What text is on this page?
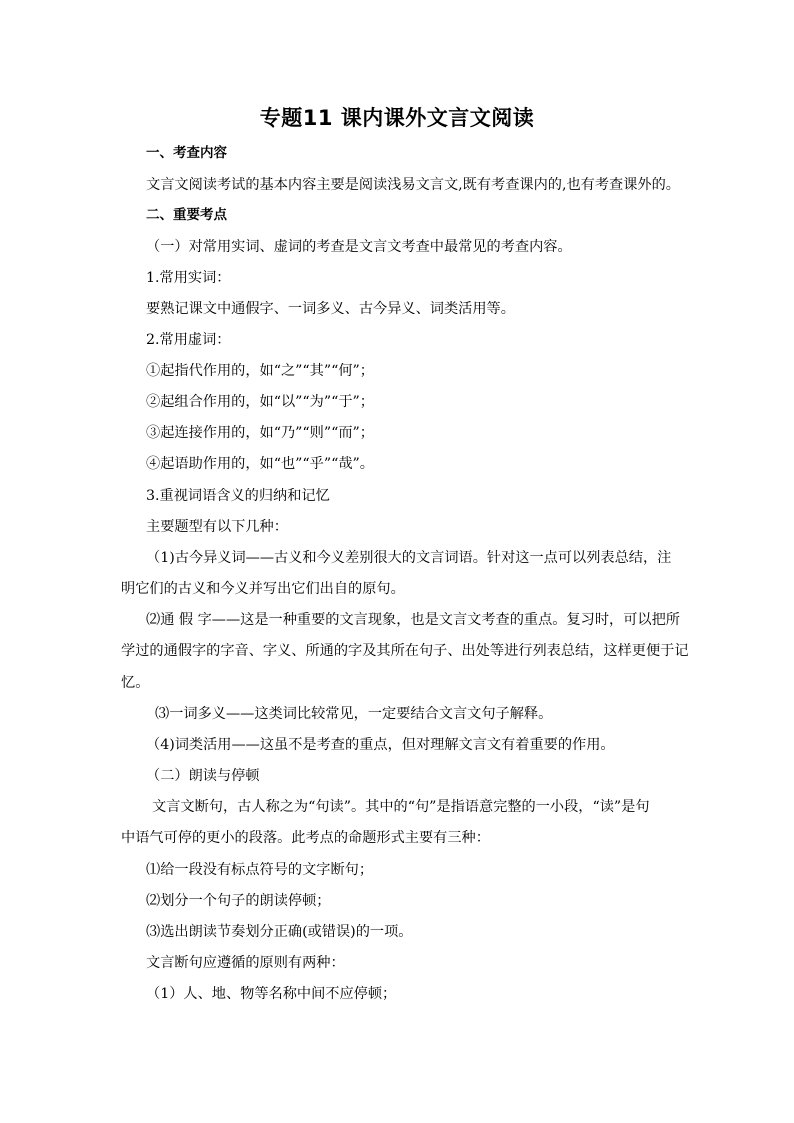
专题11 课内课外文言文阅读
一、考查内容
文言文阅读考试的基本内容主要是阅读浅易文言文,既有考查课内的,也有考查课外的。
二、重要考点
（一）对常用实词、虚词的考查是文言文考查中最常见的考查内容。
1.常用实词：
要熟记课文中通假字、一词多义、古今异义、词类活用等。
2.常用虚词：
①起指代作用的，如“之”“其”“何”；
②起组合作用的，如“以”“为”“于”；
③起连接作用的，如“乃”“则”“而”；
④起语助作用的，如“也”“乎”“哉”。
3.重视词语含义的归纳和记忆
主要题型有以下几种：
（1)古今异义词——古义和今义差别很大的文言词语。针对这一点可以列表总结，注
明它们的古义和今义并写出它们出自的原句。
⑵通 假 字——这是一种重要的文言现象，也是文言文考查的重点。复习时，可以把所
学过的通假字的字音、字义、所通的字及其所在句子、出处等进行列表总结，这样更便于记
忆。
⑶一词多义——这类词比较常见，一定要结合文言文句子解释。
（4)词类活用——这虽不是考查的重点，但对理解文言文有着重要的作用。
（二）朗读与停顿
文言文断句，古人称之为“句读”。其中的“句”是指语意完整的一小段，“读”是句
中语气可停的更小的段落。此考点的命题形式主要有三种：
⑴给一段没有标点符号的文字断句；
⑵划分一个句子的朗读停顿；
⑶选出朗读节奏划分正确(或错误)的一项。
文言断句应遵循的原则有两种：
（1）人、地、物等名称中间不应停顿；
